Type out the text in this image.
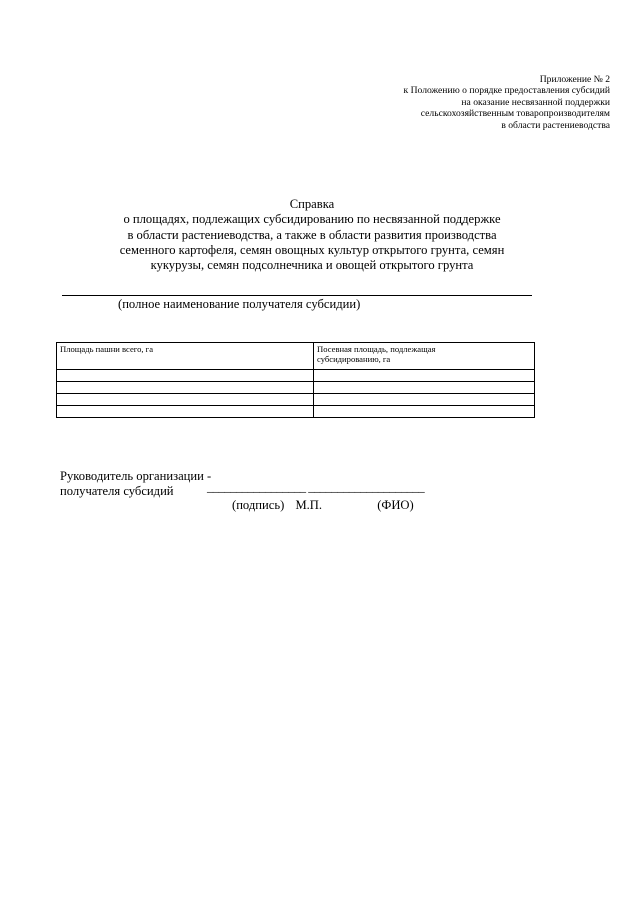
Приложение № 2
к Положению о порядке предоставления субсидий
на оказание несвязанной поддержки
сельскохозяйственным товаропроизводителям
в области растениеводства
Справка
о площадях, подлежащих субсидированию по несвязанной поддержке
в области растениеводства, а также в области развития производства
семенного картофеля, семян овощных культур открытого грунта, семян
кукурузы, семян подсолнечника и овощей открытого грунта
(полное наименование получателя субсидии)
Площадь пашни всего, га	Посевная площадь, подлежащая
субсидированию, га

Руководитель организации -
получателя субсидий	_________________ ____________________
(подпись) М.П.	(ФИО)
